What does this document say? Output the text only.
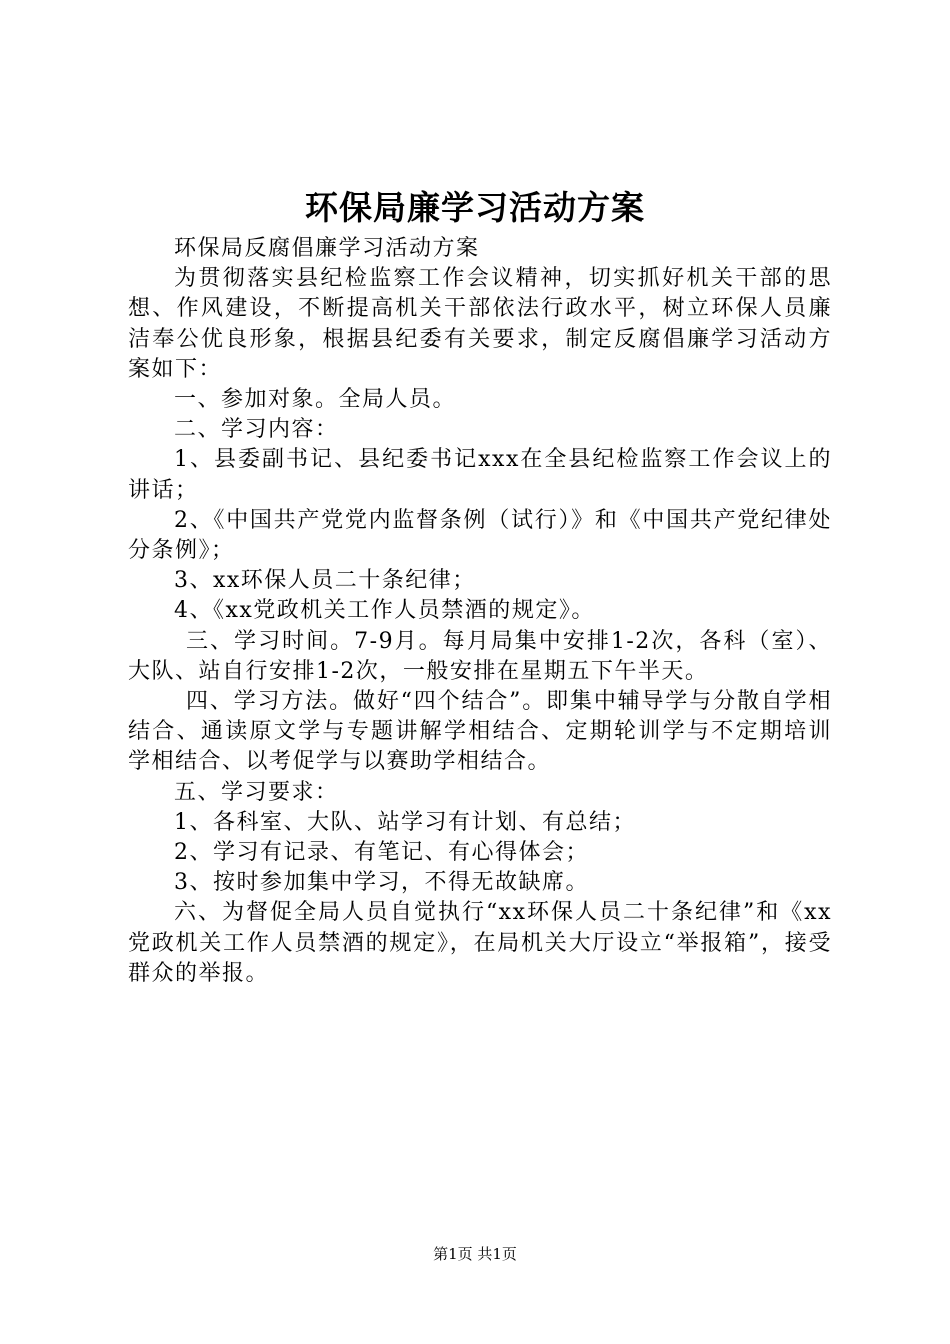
环保局廉学习活动方案

环保局反腐倡廉学习活动方案

为贯彻落实县纪检监察工作会议精神，切实抓好机关干部的思想、作风建设，不断提高机关干部依法行政水平，树立环保人员廉洁奉公优良形象，根据县纪委有关要求，制定反腐倡廉学习活动方案如下：

一、参加对象。全局人员。

二、学习内容：

1、县委副书记、县纪委书记xxx在全县纪检监察工作会议上的讲话；

2、《中国共产党党内监督条例（试行）》和《中国共产党纪律处分条例》；

3、xx环保人员二十条纪律；

4、《xx党政机关工作人员禁酒的规定》。

三、学习时间。7-9月。每月局集中安排1-2次，各科（室）、大队、站自行安排1-2次，一般安排在星期五下午半天。

四、学习方法。做好“四个结合”。即集中辅导学与分散自学相结合、通读原文学与专题讲解学相结合、定期轮训学与不定期培训学相结合、以考促学与以赛助学相结合。

五、学习要求：

1、各科室、大队、站学习有计划、有总结；

2、学习有记录、有笔记、有心得体会；

3、按时参加集中学习，不得无故缺席。

六、为督促全局人员自觉执行“xx环保人员二十条纪律”和《xx党政机关工作人员禁酒的规定》，在局机关大厅设立“举报箱”，接受群众的举报。

第1页 共1页
